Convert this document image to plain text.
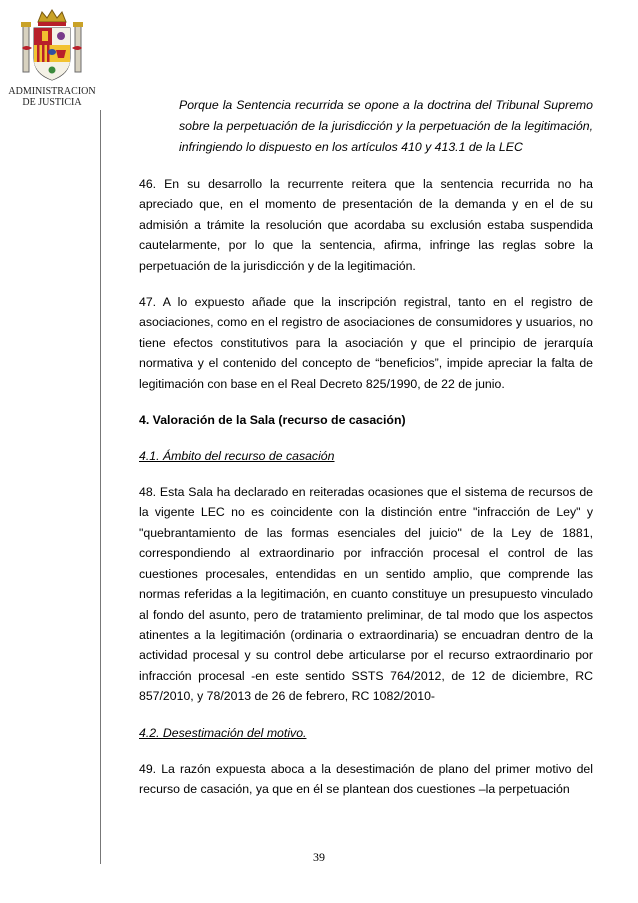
ADMINISTRACION
DE JUSTICIA	Porque la Sentencia recurrida se opone a la doctrina del Tribunal Supremo sobre la perpetuación de la jurisdicción y la perpetuación de la legitimación, infringiendo lo dispuesto en los artículos 410 y 413.1 de la LEC
46. En su desarrollo la recurrente reitera que la sentencia recurrida no ha apreciado que, en el momento de presentación de la demanda y en el de su admisión a trámite la resolución que acordaba su exclusión estaba suspendida cautelarmente, por lo que la sentencia, afirma, infringe las reglas sobre la perpetuación de la jurisdicción y de la legitimación.
47. A lo expuesto añade que la inscripción registral, tanto en el registro de asociaciones, como en el registro de asociaciones de consumidores y usuarios, no tiene efectos constitutivos para la asociación y que el principio de jerarquía normativa y el contenido del concepto de “beneficios”, impide apreciar la falta de legitimación con base en el Real Decreto 825/1990, de 22 de junio.
4. Valoración de la Sala (recurso de casación)
4.1. Ámbito del recurso de casación
48. Esta Sala ha declarado en reiteradas ocasiones que el sistema de recursos de la vigente LEC no es coincidente con la distinción entre "infracción de Ley" y "quebrantamiento de las formas esenciales del juicio" de la Ley de 1881, correspondiendo al extraordinario por infracción procesal el control de las cuestiones procesales, entendidas en un sentido amplio, que comprende las normas referidas a la legitimación, en cuanto constituye un presupuesto vinculado al fondo del asunto, pero de tratamiento preliminar, de tal modo que los aspectos atinentes a la legitimación (ordinaria o extraordinaria) se encuadran dentro de la actividad procesal y su control debe articularse por el recurso extraordinario por infracción procesal -en este sentido SSTS 764/2012, de 12 de diciembre, RC 857/2010, y 78/2013 de 26 de febrero, RC 1082/2010-
4.2. Desestimación del motivo.
49. La razón expuesta aboca a la desestimación de plano del primer motivo del recurso de casación, ya que en él se plantean dos cuestiones –la perpetuación
39
